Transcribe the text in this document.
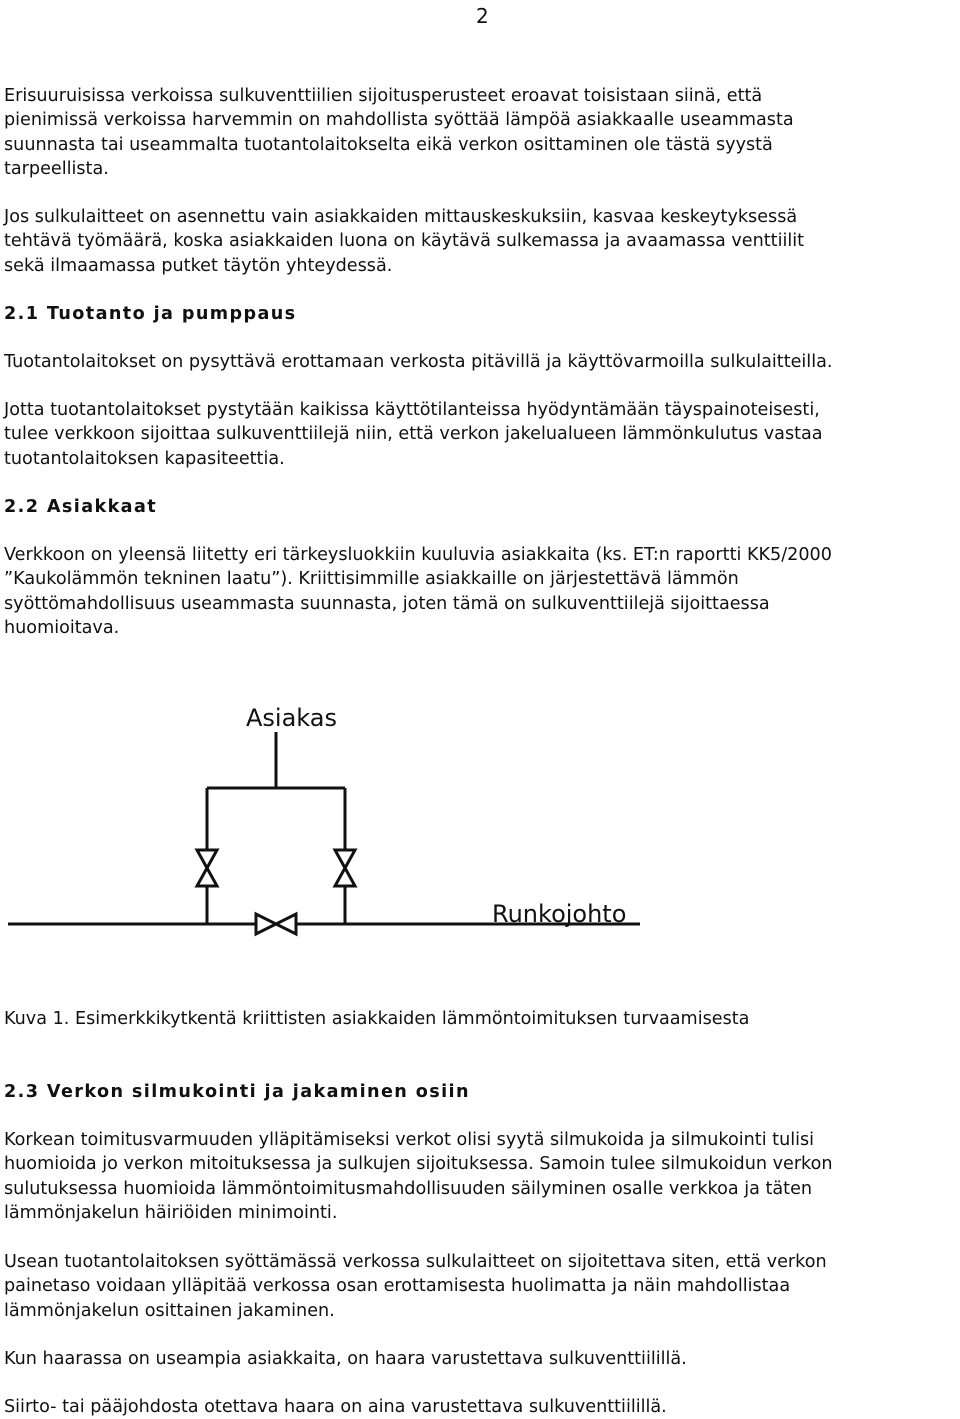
2
Erisuuruisissa verkoissa sulkuventtiilien sijoitusperusteet eroavat toisistaan siinä, että
pienimissä verkoissa harvemmin on mahdollista syöttää lämpöä asiakkaalle useammasta
suunnasta tai useammalta tuotantolaitokselta eikä verkon osittaminen ole tästä syystä
tarpeellista.
Jos sulkulaitteet on asennettu vain asiakkaiden mittauskeskuksiin, kasvaa keskeytyksessä
tehtävä työmäärä, koska asiakkaiden luona on käytävä sulkemassa ja avaamassa venttiilit
sekä ilmaamassa putket täytön yhteydessä.
2.1 Tuotanto ja pumppaus
Tuotantolaitokset on pysyttävä erottamaan verkosta pitävillä ja käyttövarmoilla sulkulaitteilla.
Jotta tuotantolaitokset pystytään kaikissa käyttötilanteissa hyödyntämään täyspainoteisesti,
tulee verkkoon sijoittaa sulkuventtiilejä niin, että verkon jakelualueen lämmönkulutus vastaa
tuotantolaitoksen kapasiteettia.
2.2 Asiakkaat
Verkkoon on yleensä liitetty eri tärkeysluokkiin kuuluvia asiakkaita (ks. ET:n raportti KK5/2000
”Kaukolämmön tekninen laatu”). Kriittisimmille asiakkaille on järjestettävä lämmön
syöttömahdollisuus useammasta suunnasta, joten tämä on sulkuventtiilejä sijoittaessa
huomioitava.
Asiakas
Runkojohto
Kuva 1. Esimerkkikytkentä kriittisten asiakkaiden lämmöntoimituksen turvaamisesta
2.3 Verkon silmukointi ja jakaminen osiin
Korkean toimitusvarmuuden ylläpitämiseksi verkot olisi syytä silmukoida ja silmukointi tulisi
huomioida jo verkon mitoituksessa ja sulkujen sijoituksessa. Samoin tulee silmukoidun verkon
sulutuksessa huomioida lämmöntoimitusmahdollisuuden säilyminen osalle verkkoa ja täten
lämmönjakelun häiriöiden minimointi.
Usean tuotantolaitoksen syöttämässä verkossa sulkulaitteet on sijoitettava siten, että verkon
painetaso voidaan ylläpitää verkossa osan erottamisesta huolimatta ja näin mahdollistaa
lämmönjakelun osittainen jakaminen.
Kun haarassa on useampia asiakkaita, on haara varustettava sulkuventtiilillä.
Siirto- tai pääjohdosta otettava haara on aina varustettava sulkuventtiilillä.
